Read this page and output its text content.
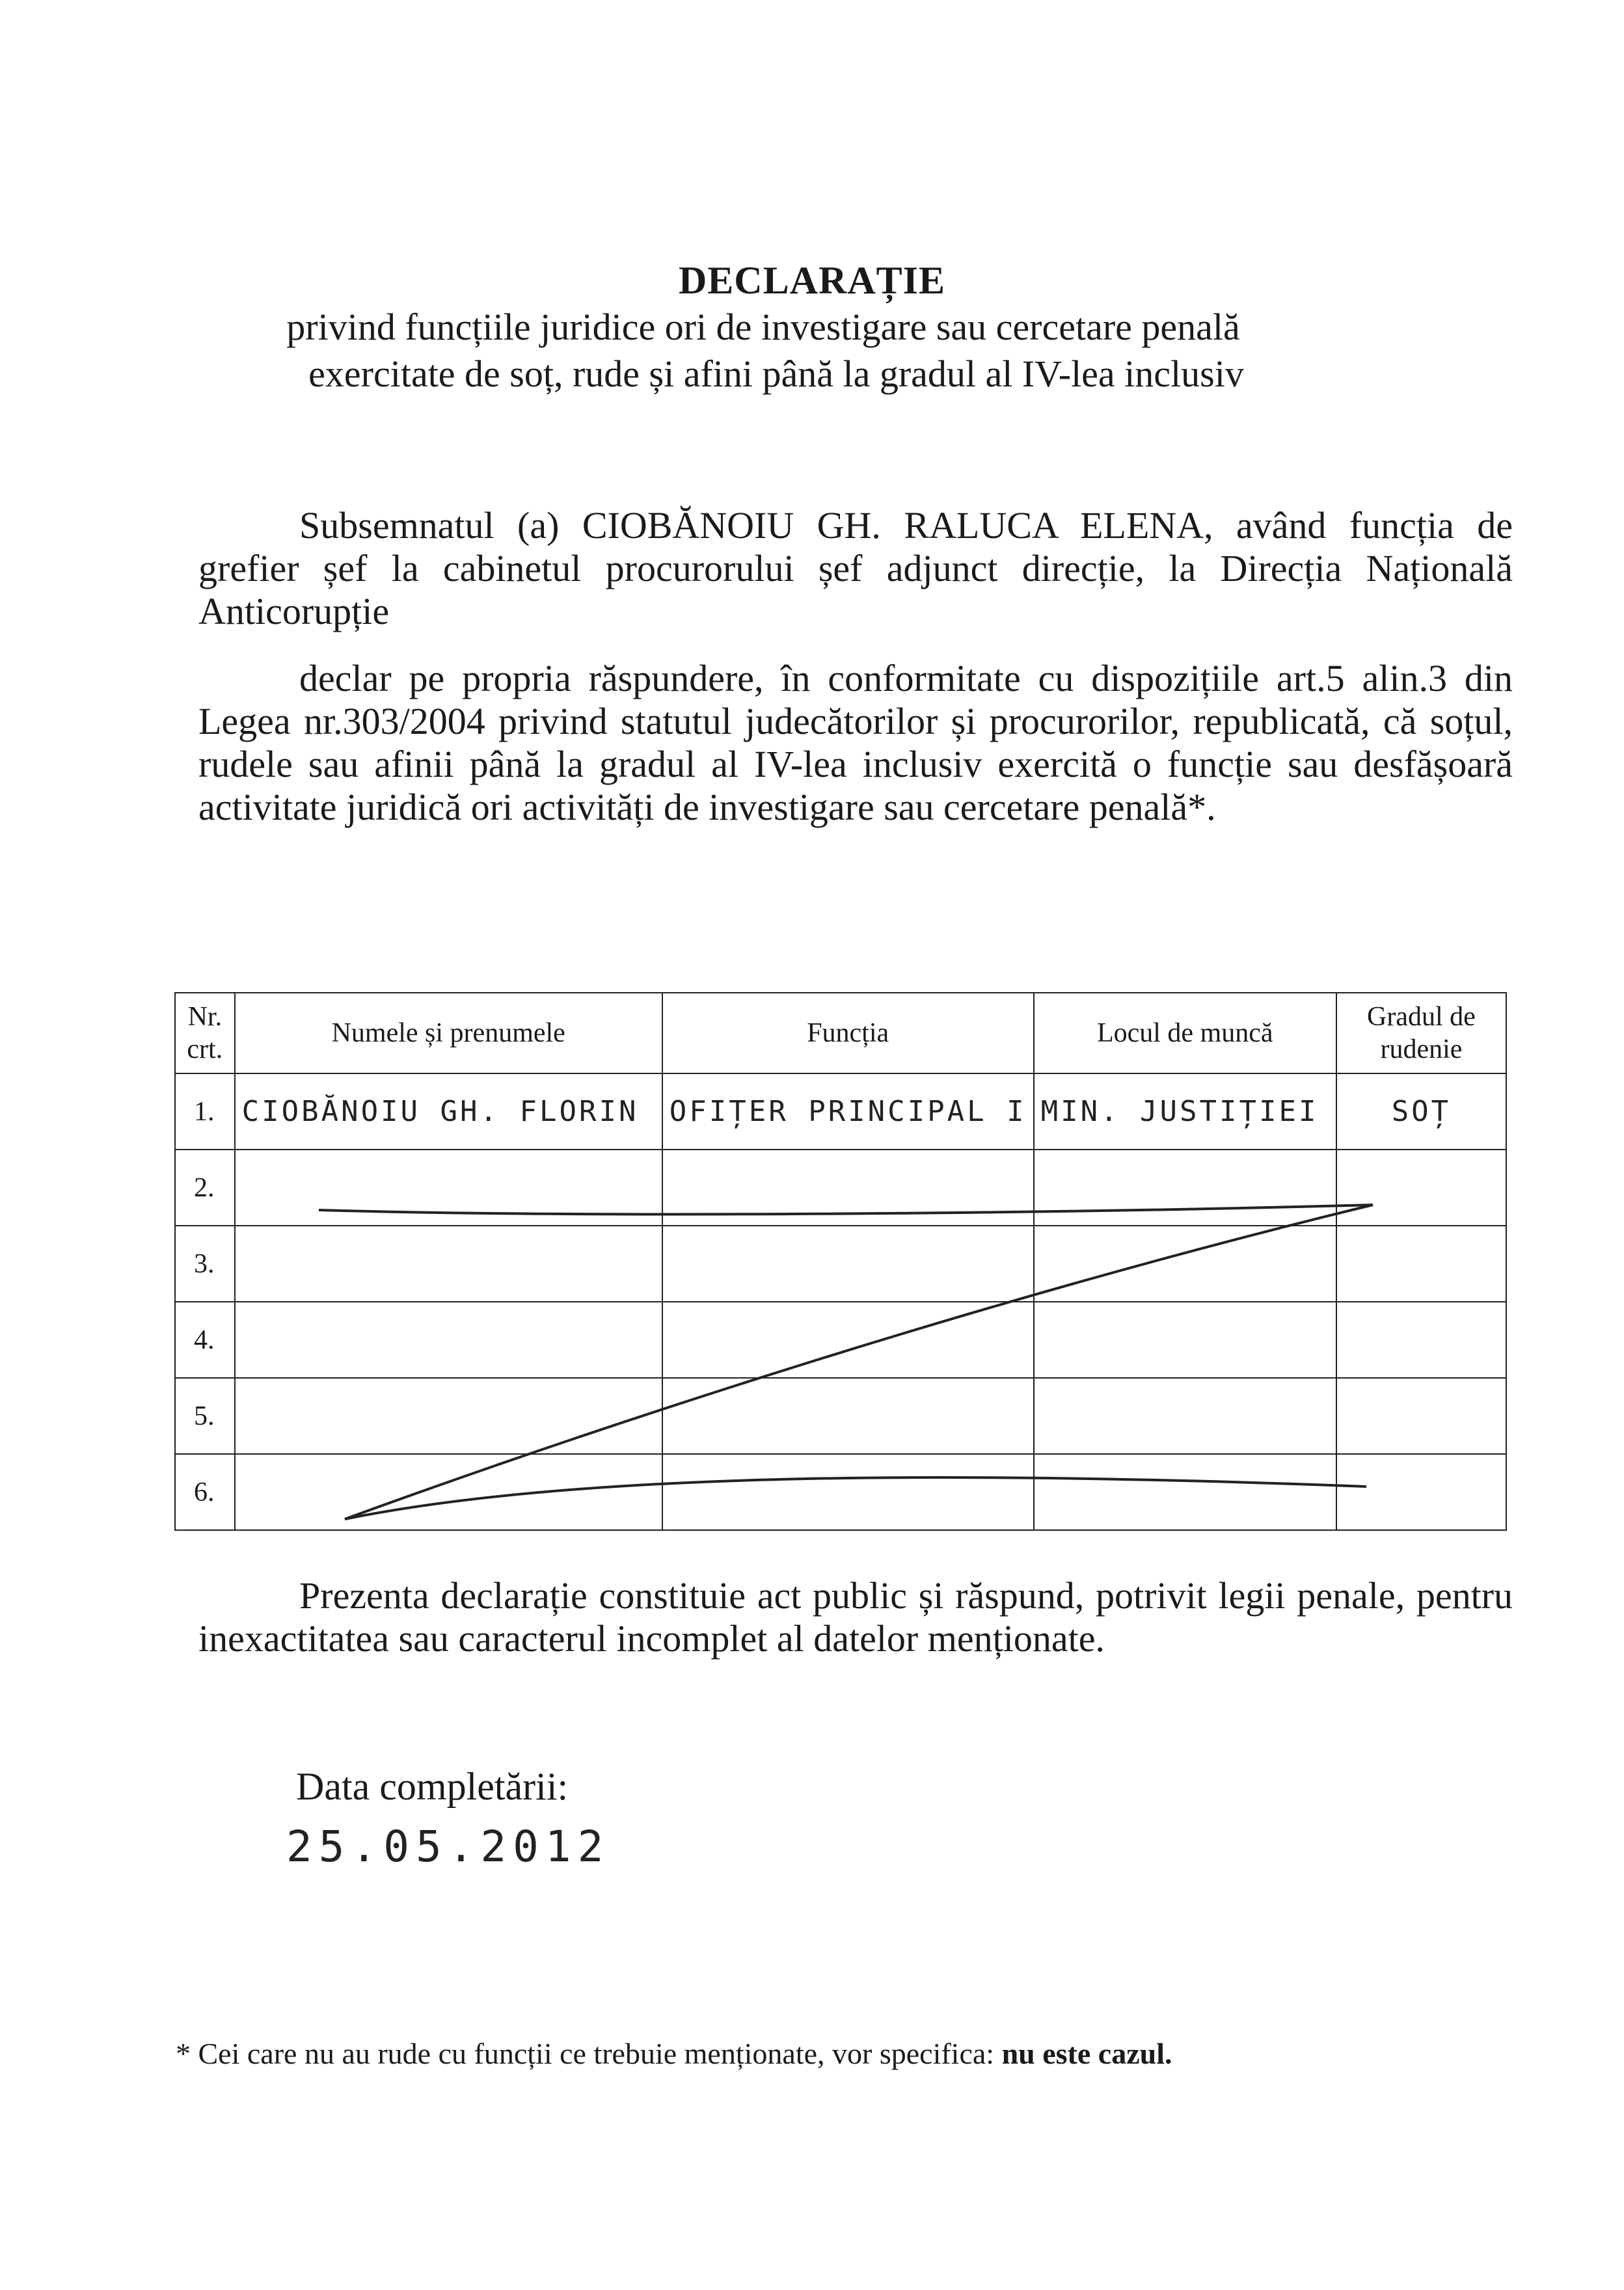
DECLARAȚIE
privind funcțiile juridice ori de investigare sau cercetare penală
exercitate de soț, rude și afini până la gradul al IV-lea inclusiv
Subsemnatul (a) CIOBĂNOIU GH. RALUCA ELENA, având funcția de grefier șef la cabinetul procurorului șef adjunct direcție, la Direcția Națională Anticorupție
declar pe propria răspundere, în conformitate cu dispozițiile art.5 alin.3 din Legea nr.303/2004 privind statutul judecătorilor și procurorilor, republicată, că soțul, rudele sau afinii până la gradul al IV-lea inclusiv exercită o funcție sau desfășoară activitate juridică ori activități de investigare sau cercetare penală*.
Nr. crt.	Numele și prenumele	Funcția	Locul de muncă	Gradul de rudenie
1.	CIOBĂNOIU GH. FLORIN	OFIȚER PRINCIPAL I	MIN. JUSTIȚIEI	SOȚ
2.				
3.				
4.				
5.				
6.				
Prezenta declarație constituie act public și răspund, potrivit legii penale, pentru inexactitatea sau caracterul incomplet al datelor menționate.
Data completării:
25.05.2012
* Cei care nu au rude cu funcții ce trebuie menționate, vor specifica: nu este cazul.
